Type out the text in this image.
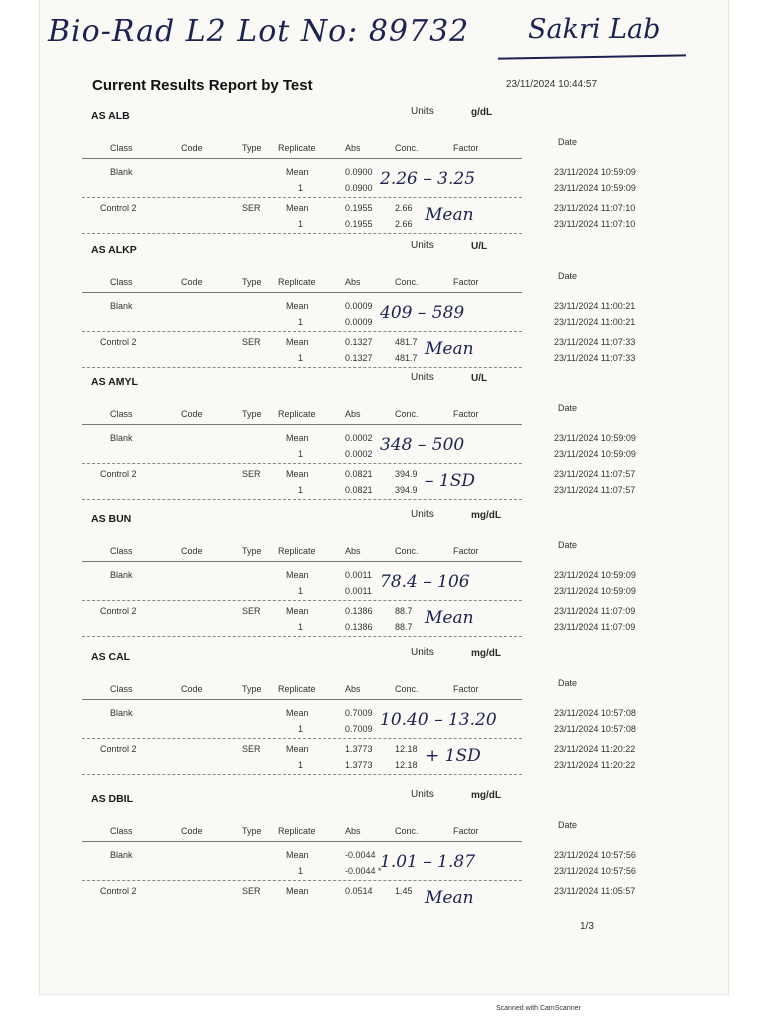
Bio-Rad L2 Lot No: 89732 Sakri Lab
Current Results Report by Test	23/11/2024 10:44:57
AS ALB	Units	g/dL
Class	Code	Type Replicate	Abs	Conc.	Factor
Date
Blank	Mean	0.0900	23/11/2024 10:59:09
1	0.0900	23/11/2024 10:59:09
Control 2	SER	Mean	0.1955 2.66	23/11/2024 11:07:10
1	0.1955 2.66	23/11/2024 11:07:10
2.26 – 3.25
Mean
AS ALKP	Units	U/L
Class	Code	Type Replicate	Abs	Conc.	Factor
Date
Blank	Mean	0.0009	23/11/2024 11:00:21
1	0.0009	23/11/2024 11:00:21
Control 2	SER	Mean	0.1327 481.7	23/11/2024 11:07:33
1	0.1327 481.7	23/11/2024 11:07:33
409 – 589
Mean
AS AMYL	Units	U/L
Class	Code	Type Replicate	Abs	Conc.	Factor
Date
Blank	Mean	0.0002	23/11/2024 10:59:09
1	0.0002	23/11/2024 10:59:09
Control 2	SER	Mean	0.0821 394.9	23/11/2024 11:07:57
1	0.0821 394.9	23/11/2024 11:07:57
348 – 500
– 1SD
AS BUN	Units	mg/dL
Class	Code	Type Replicate	Abs	Conc.	Factor
Date
Blank	Mean	0.0011	23/11/2024 10:59:09
1	0.0011	23/11/2024 10:59:09
Control 2	SER	Mean	0.1386 88.7	23/11/2024 11:07:09
1	0.1386 88.7	23/11/2024 11:07:09
78.4 – 106
Mean
AS CAL	Units	mg/dL
Class	Code	Type Replicate	Abs	Conc.	Factor
Date
Blank	Mean	0.7009	23/11/2024 10:57:08
1	0.7009	23/11/2024 10:57:08
Control 2	SER	Mean	1.3773 12.18	23/11/2024 11:20:22
1	1.3773 12.18	23/11/2024 11:20:22
10.40 – 13.20
+ 1SD
AS DBIL	Units	mg/dL
Class	Code	Type Replicate	Abs	Conc.	Factor
Date
Blank	Mean	-0.0044	23/11/2024 10:57:56
1	-0.0044 *	23/11/2024 10:57:56
Control 2	SER	Mean	0.0514 1.45	23/11/2024 11:05:57
1.01 – 1.87
Mean
1/3
Scanned with CamScanner
